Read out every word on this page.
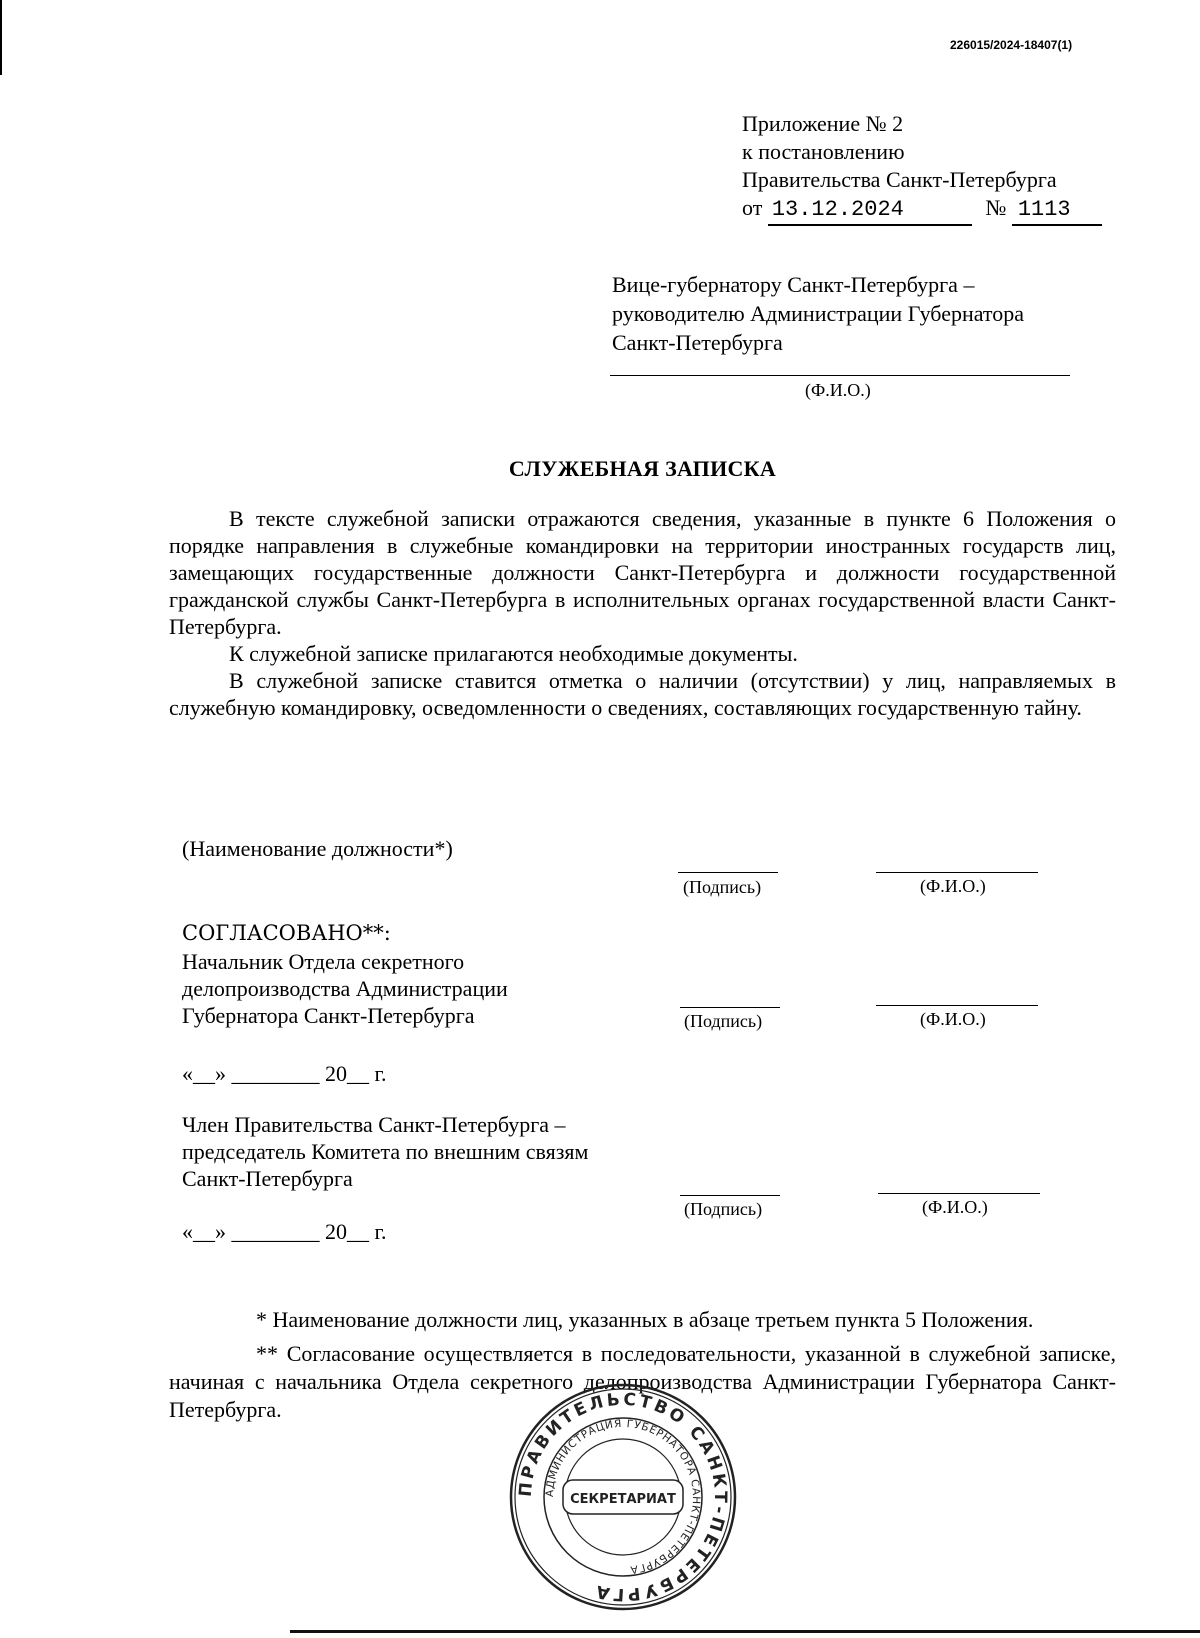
226015/2024-18407(1)
Приложение № 2
к постановлению
Правительства Санкт-Петербурга
от 13.12.2024	№ 1113
Вице-губернатору Санкт-Петербурга –
руководителю Администрации Губернатора
Санкт-Петербурга
(Ф.И.О.)
СЛУЖЕБНАЯ ЗАПИСКА

В тексте служебной записки отражаются сведения, указанные в пункте 6 Положения о порядке направления в служебные командировки на территории иностранных государств лиц, замещающих государственные должности Санкт-Петербурга и должности государственной гражданской службы Санкт-Петербурга в исполнительных органах государственной власти Санкт-Петербурга.

К служебной записке прилагаются необходимые документы.

В служебной записке ставится отметка о наличии (отсутствии) у лиц, направляемых в служебную командировку, осведомленности о сведениях, составляющих государственную тайну.

(Наименование должности*)
(Подпись)	(Ф.И.О.)
СОГЛАСОВАНО**:
Начальник Отдела секретного
делопроизводства Администрации
Губернатора Санкт-Петербурга	(Подпись)	(Ф.И.О.)
«__» ________ 20__ г.
Член Правительства Санкт-Петербурга –
председатель Комитета по внешним связям
Санкт-Петербурга
(Подпись)	(Ф.И.О.)
«__» ________ 20__ г.
* Наименование должности лиц, указанных в абзаце третьем пункта 5 Положения.
** Согласование осуществляется в последовательности, указанной в служебной записке, начиная с начальника Отдела секретного делопроизводства Администрации Губернатора Санкт-Петербурга.
ПРАВИТЕЛЬСТВО САНКТ-ПЕТЕРБУРГА
АДМИНИСТРАЦИЯ ГУБЕРНАТОРА САНКТ-ПЕТЕРБУРГА
СЕКРЕТАРИАТ
